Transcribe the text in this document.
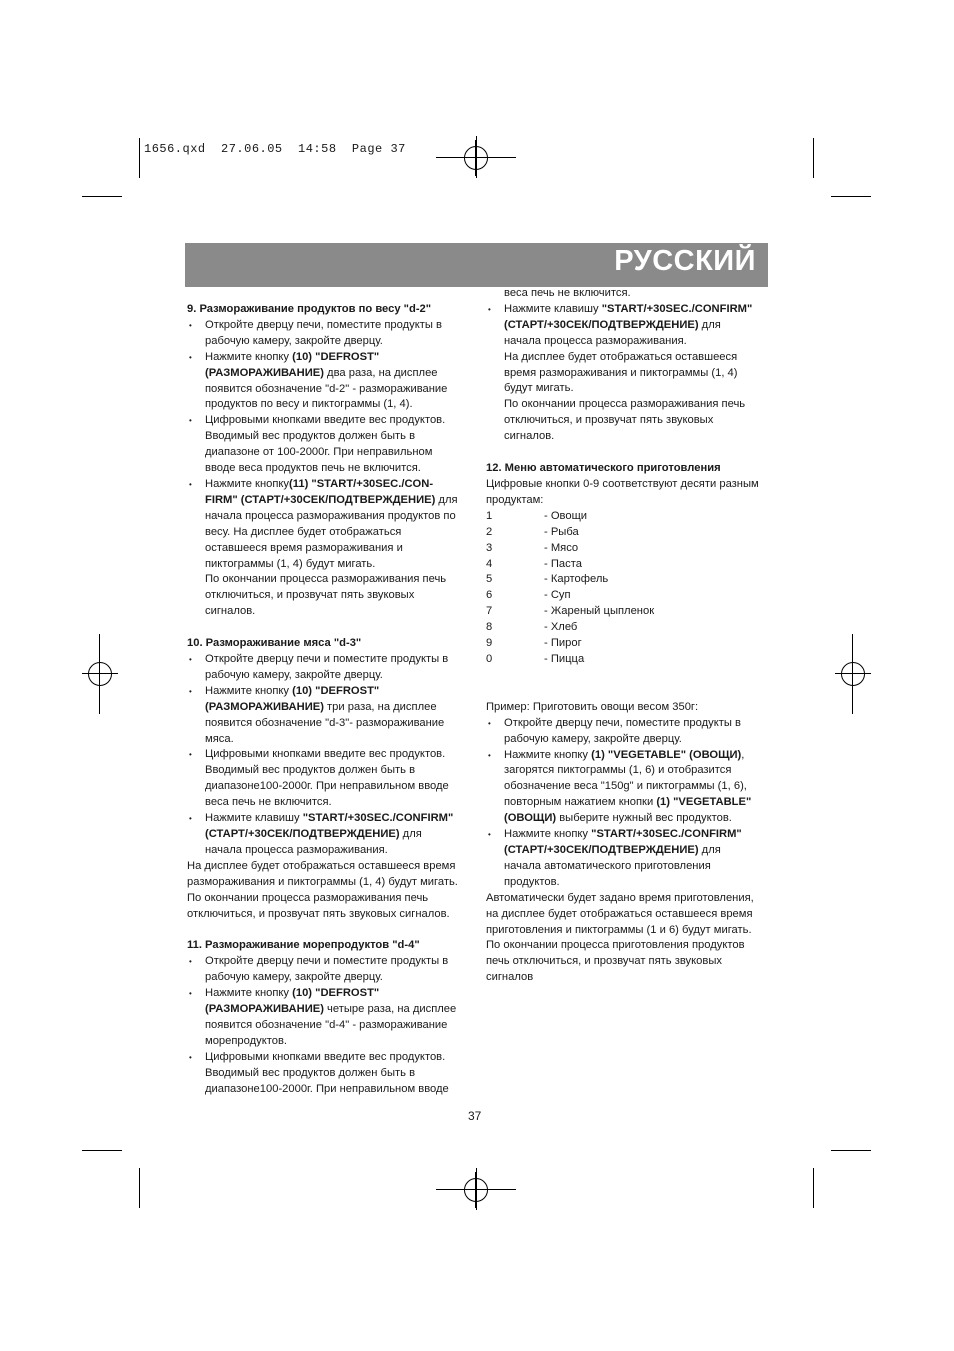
1656.qxd  27.06.05  14:58  Page 37
РУССКИЙ

9. Размораживание продуктов по весу "d-2"

• Откройте дверцу печи, поместите продукты в

рабочую камеру, закройте дверцу.

• Нажмите кнопку (10) "DEFROST"

(РАЗМОРАЖИВАНИЕ) два раза, на дисплее

появится обозначение "d-2" - размораживание

продуктов по весу и пиктограммы (1, 4).

• Цифровыми кнопками введите вес продуктов.

Вводимый вес продуктов должен быть в

диапазоне от 100-2000г. При неправильном

вводе веса продуктов печь не включится.

• Нажмите кнопку(11) "START/+30SEC./CON-

FIRM" (СТАРТ/+30СЕК/ПОДТВЕРЖДЕНИЕ) для

начала процесса размораживания продуктов по

весу. На дисплее будет отображаться

оставшееся время размораживания и

пиктограммы (1, 4) будут мигать.

По окончании процесса размораживания печь

отключиться, и прозвучат пять звуковых

сигналов.

10. Размораживание мяса "d-3"

• Откройте дверцу печи и поместите продукты в

рабочую камеру, закройте дверцу.

• Нажмите кнопку (10) "DEFROST"

(РАЗМОРАЖИВАНИЕ) три раза, на дисплее

появится обозначение "d-3"- размораживание

мяса.

• Цифровыми кнопками введите вес продуктов.

Вводимый вес продуктов должен быть в

диапазоне100-2000г. При неправильном вводе

веса печь не включится.

• Нажмите клавишу "START/+30SEC./CONFIRM"

(СТАРТ/+30СЕК/ПОДТВЕРЖДЕНИЕ) для

начала процесса размораживания.

На дисплее будет отображаться оставшееся время

размораживания и пиктограммы (1, 4) будут мигать.

По окончании процесса размораживания печь

отключиться, и прозвучат пять звуковых сигналов.

11. Размораживание морепродуктов "d-4"

• Откройте дверцу печи и поместите продукты в

рабочую камеру, закройте дверцу.

• Нажмите кнопку (10) "DEFROST"

(РАЗМОРАЖИВАНИЕ) четыре раза, на дисплее

появится обозначение "d-4" - размораживание

морепродуктов.

• Цифровыми кнопками введите вес продуктов.

Вводимый вес продуктов должен быть в

диапазоне100-2000г. При неправильном вводе

веса печь не включится.

• Нажмите клавишу "START/+30SEC./CONFIRM"

(СТАРТ/+30СЕК/ПОДТВЕРЖДЕНИЕ) для

начала процесса размораживания.

На дисплее будет отображаться оставшееся

время размораживания и пиктограммы (1, 4)

будут мигать.

По окончании процесса размораживания печь

отключиться, и прозвучат пять звуковых

сигналов.

12. Меню автоматического приготовления

Цифровые кнопки 0-9 соответствуют десяти разным

продуктам:

1	- Овощи
2	- Рыба
3	- Мясо
4	- Паста
5	- Картофель
6	- Суп
7	- Жареный цыпленок
8	- Хлеб
9	- Пирог
0	- Пицца

Пример: Приготовить овощи весом 350г:

• Откройте дверцу печи, поместите продукты в

рабочую камеру, закройте дверцу.

• Нажмите кнопку (1) "VEGETABLE" (ОВОЩИ),

загорятся пиктограммы (1, 6) и отобразится

обозначение веса "150g" и пиктограммы (1, 6),

повторным нажатием кнопки (1) "VEGETABLE"

(ОВОЩИ) выберите нужный вес продуктов.

• Нажмите кнопку "START/+30SEC./CONFIRM"

(СТАРТ/+30СЕК/ПОДТВЕРЖДЕНИЕ) для

начала автоматического приготовления

продуктов.

Автоматически будет задано время приготовления,

на дисплее будет отображаться оставшееся время

приготовления и пиктограммы (1 и 6) будут мигать.

По окончании процесса приготовления продуктов

печь отключиться, и прозвучат пять звуковых

сигналов

37
